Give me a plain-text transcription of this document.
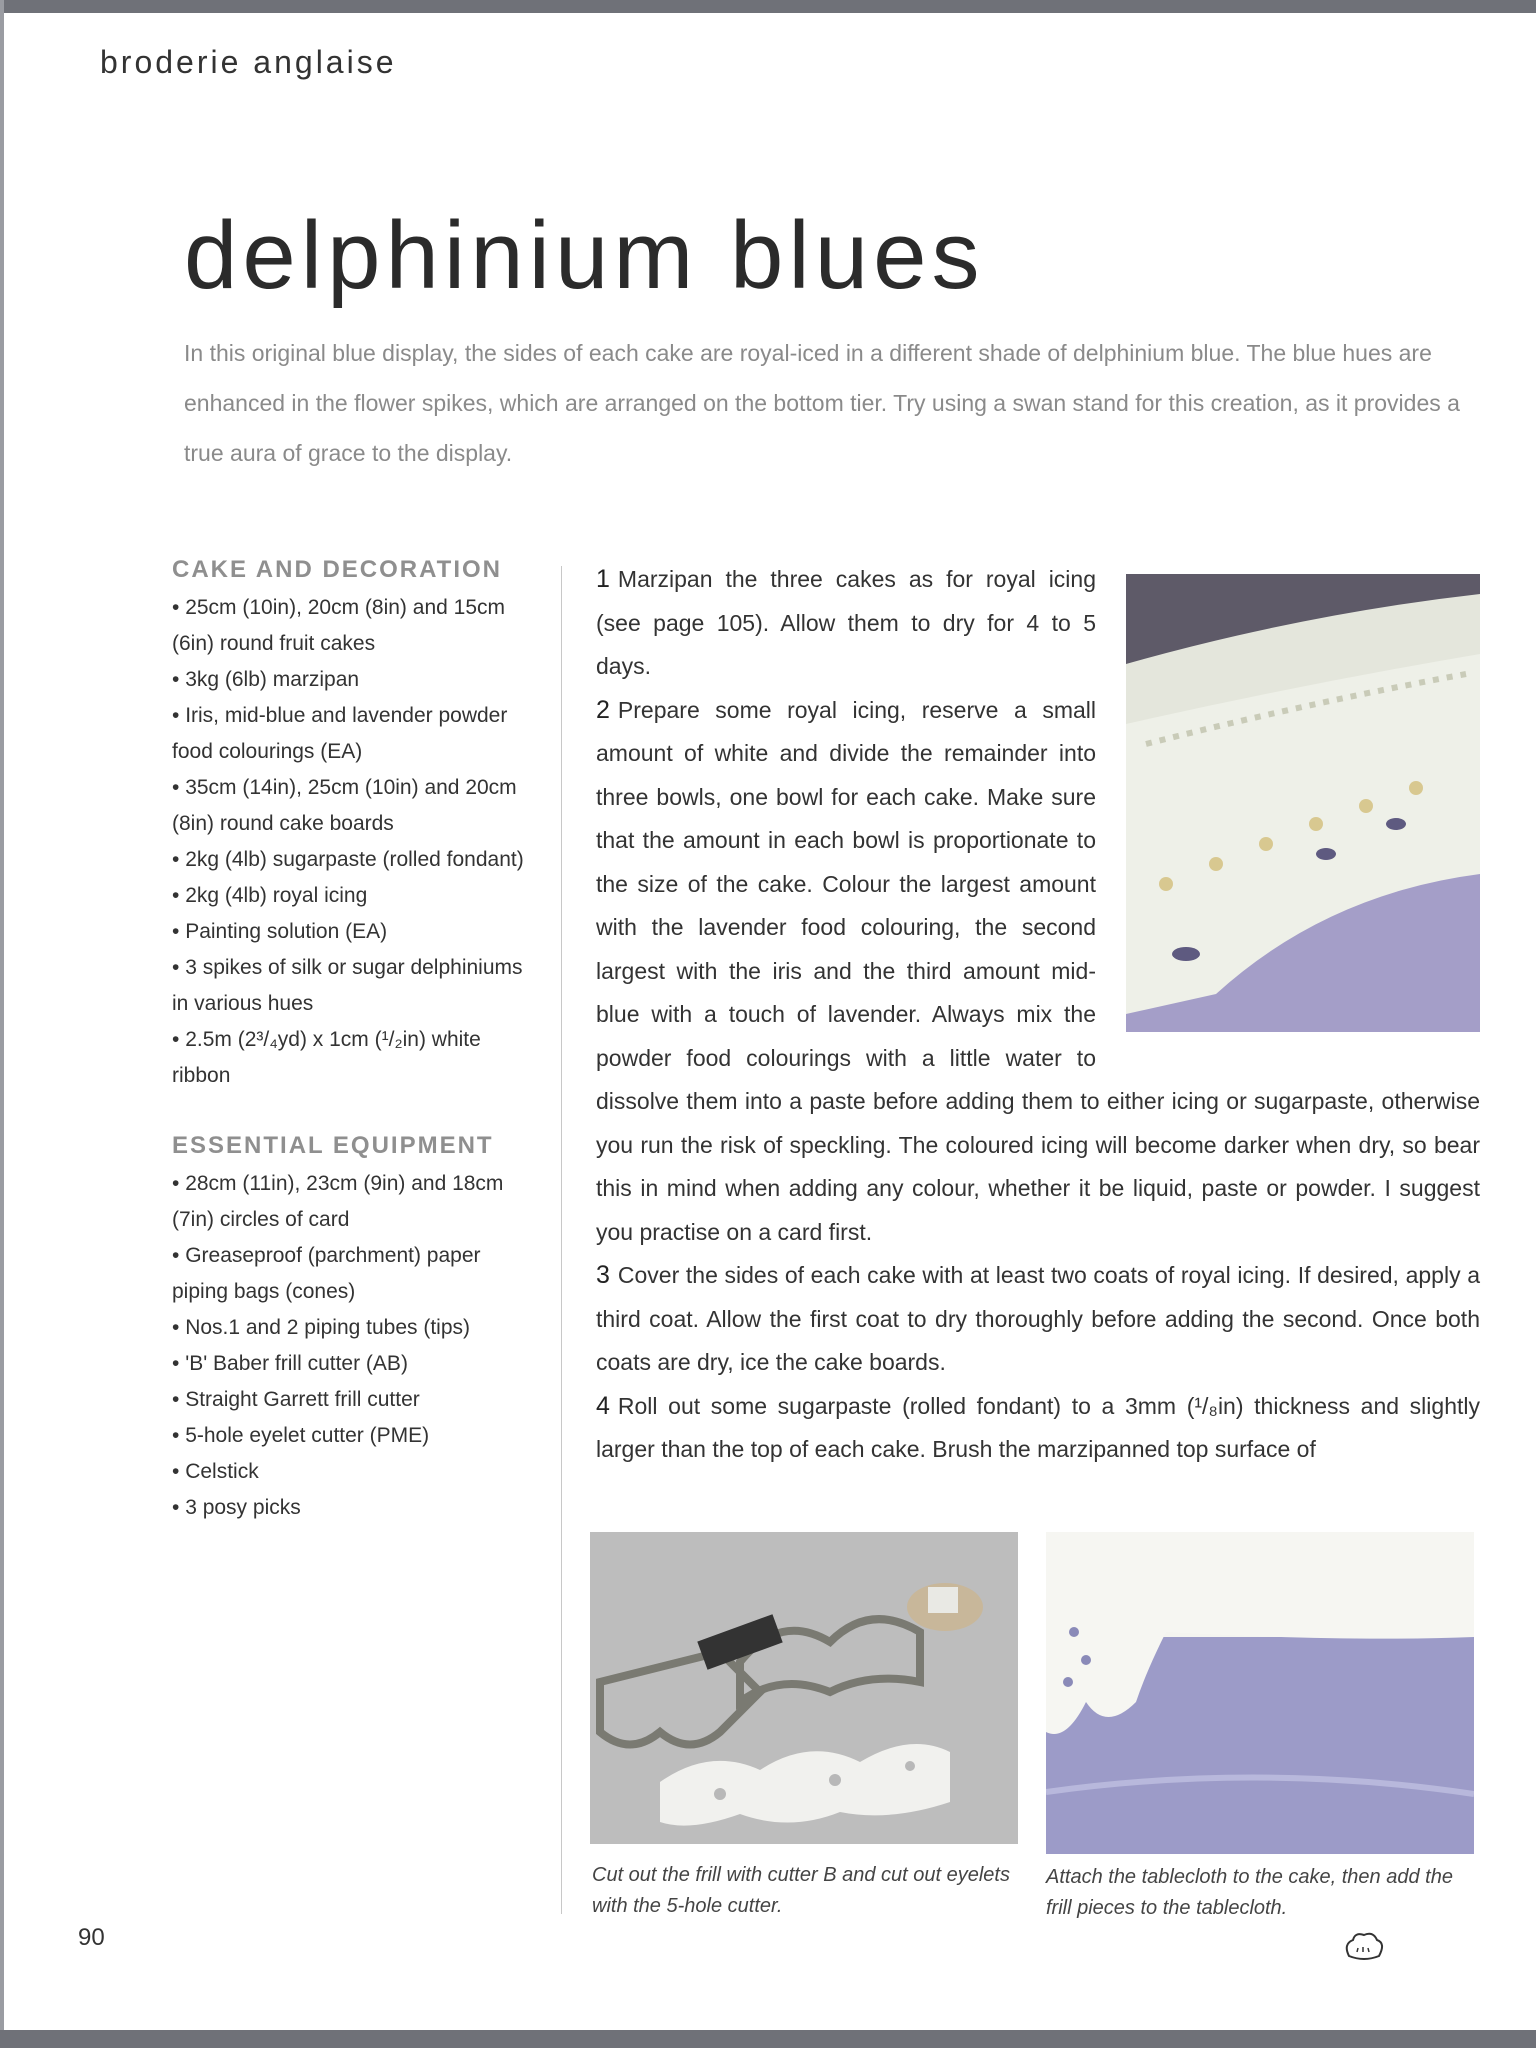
broderie anglaise
delphinium blues

In this original blue display, the sides of each cake are royal-iced in a different shade of delphinium blue. The blue hues are enhanced in the flower spikes, which are arranged on the bottom tier. Try using a swan stand for this creation, as it provides a true aura of grace to the display.

CAKE AND DECORATION
• 25cm (10in), 20cm (8in) and 15cm (6in) round fruit cakes
• 3kg (6lb) marzipan
• Iris, mid-blue and lavender powder food colourings (EA)
• 35cm (14in), 25cm (10in) and 20cm (8in) round cake boards
• 2kg (4lb) sugarpaste (rolled fondant)
• 2kg (4lb) royal icing
• Painting solution (EA)
• 3 spikes of silk or sugar delphiniums in various hues
• 2.5m (2³/₄yd) x 1cm (¹/₂in) white ribbon
ESSENTIAL EQUIPMENT
• 28cm (11in), 23cm (9in) and 18cm (7in) circles of card
• Greaseproof (parchment) paper piping bags (cones)
• Nos.1 and 2 piping tubes (tips)
• 'B' Baber frill cutter (AB)
• Straight Garrett frill cutter
• 5-hole eyelet cutter (PME)
• Celstick
• 3 posy picks

1 Marzipan the three cakes as for royal icing (see page 105). Allow them to dry for 4 to 5 days.

2 Prepare some royal icing, reserve a small amount of white and divide the remainder into three bowls, one bowl for each cake. Make sure that the amount in each bowl is proportionate to the size of the cake. Colour the largest amount with the lavender food colouring, the second largest with the iris and the third amount mid-blue with a touch of lavender. Always mix the powder food colourings with a little water to dissolve them into a paste before adding them to either icing or sugarpaste, otherwise you run the risk of speckling. The coloured icing will become darker when dry, so bear this in mind when adding any colour, whether it be liquid, paste or powder. I suggest you practise on a card first.

3 Cover the sides of each cake with at least two coats of royal icing. If desired, apply a third coat. Allow the first coat to dry thoroughly before adding the second. Once both coats are dry, ice the cake boards.

4 Roll out some sugarpaste (rolled fondant) to a 3mm (¹/₈in) thickness and slightly larger than the top of each cake. Brush the marzipanned top surface of

Cut out the frill with cutter B and cut out eyelets with the 5-hole cutter.
Attach the tablecloth to the cake, then add the frill pieces to the tablecloth.
90
